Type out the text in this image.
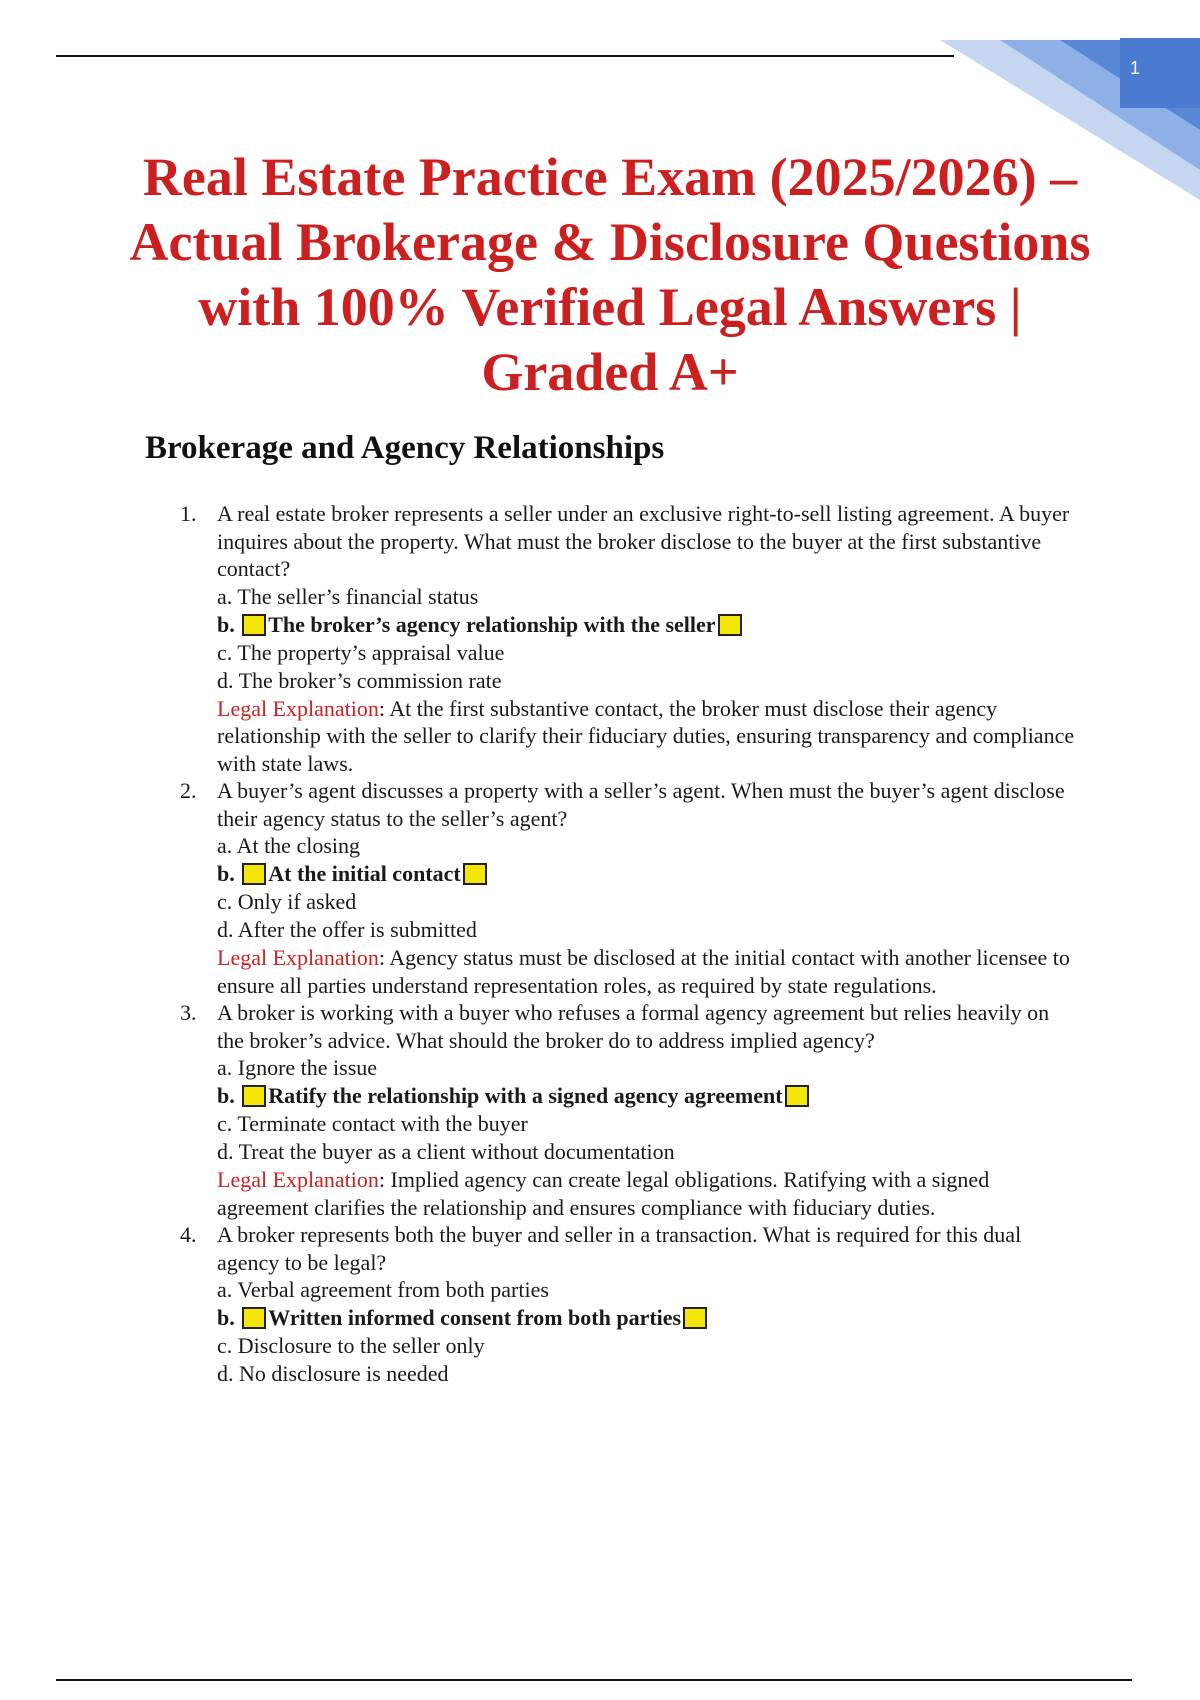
1
Real Estate Practice Exam (2025/2026) – Actual Brokerage & Disclosure Questions with 100% Verified Legal Answers | Graded A+
Brokerage and Agency Relationships
1. A real estate broker represents a seller under an exclusive right-to-sell listing agreement. A buyer inquires about the property. What must the broker disclose to the buyer at the first substantive contact?
a. The seller’s financial status
b. The broker’s agency relationship with the seller
c. The property’s appraisal value
d. The broker’s commission rate
Legal Explanation: At the first substantive contact, the broker must disclose their agency relationship with the seller to clarify their fiduciary duties, ensuring transparency and compliance with state laws.
2. A buyer’s agent discusses a property with a seller’s agent. When must the buyer’s agent disclose their agency status to the seller’s agent?
a. At the closing
b. At the initial contact
c. Only if asked
d. After the offer is submitted
Legal Explanation: Agency status must be disclosed at the initial contact with another licensee to ensure all parties understand representation roles, as required by state regulations.
3. A broker is working with a buyer who refuses a formal agency agreement but relies heavily on the broker’s advice. What should the broker do to address implied agency?
a. Ignore the issue
b. Ratify the relationship with a signed agency agreement
c. Terminate contact with the buyer
d. Treat the buyer as a client without documentation
Legal Explanation: Implied agency can create legal obligations. Ratifying with a signed agreement clarifies the relationship and ensures compliance with fiduciary duties.
4. A broker represents both the buyer and seller in a transaction. What is required for this dual agency to be legal?
a. Verbal agreement from both parties
b. Written informed consent from both parties
c. Disclosure to the seller only
d. No disclosure is needed
